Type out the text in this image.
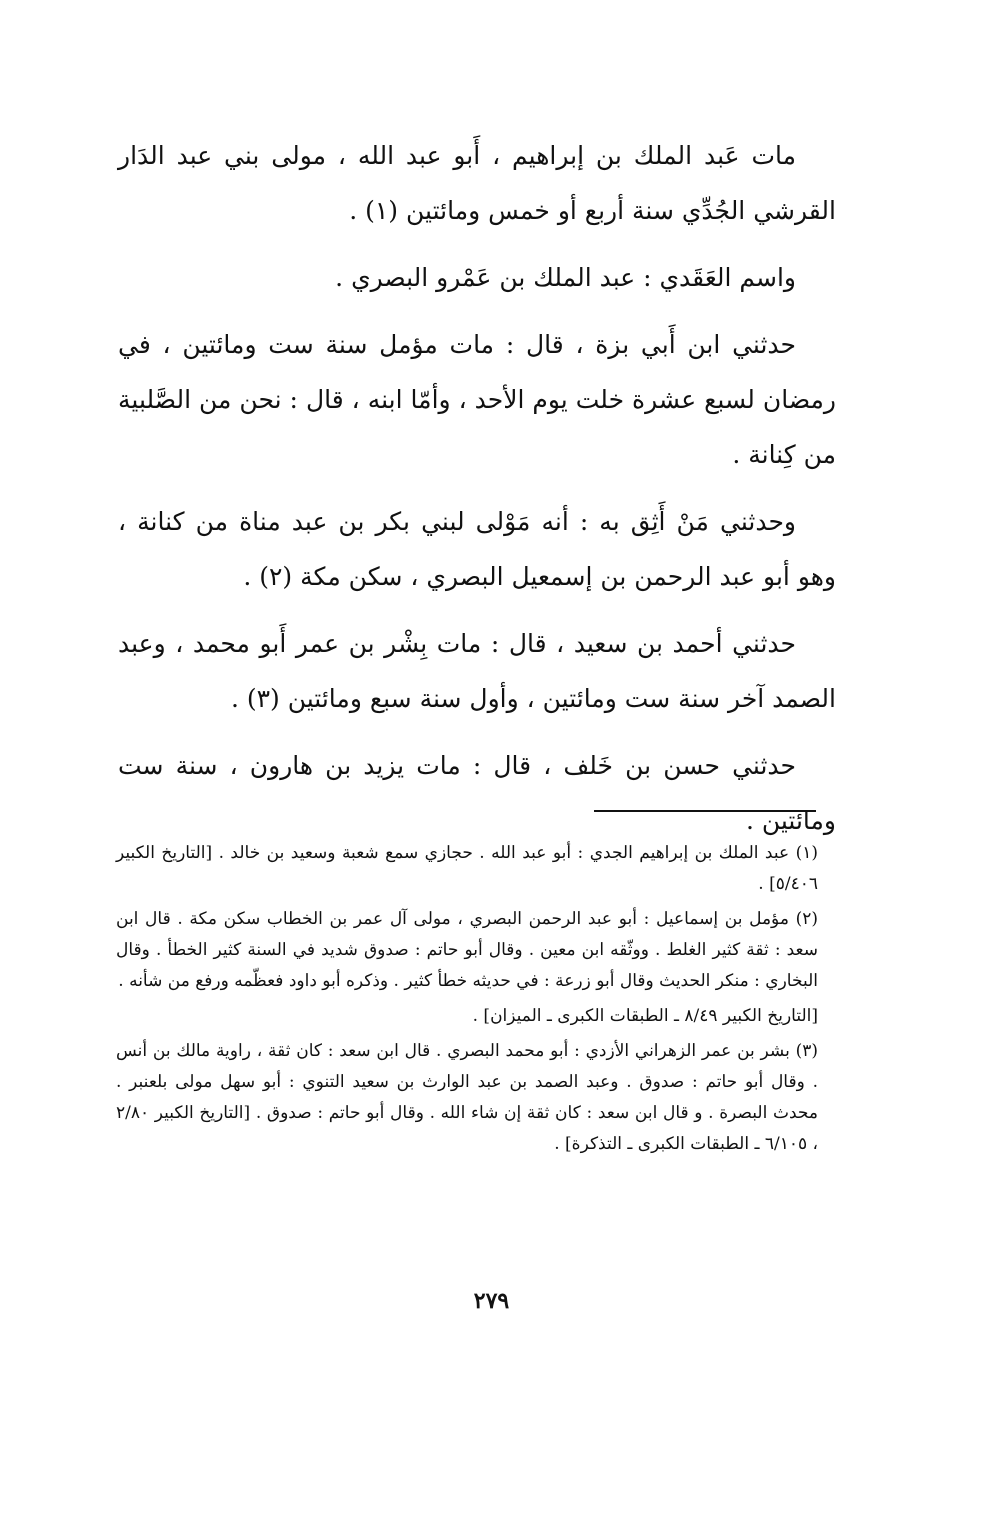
مات عَبد الملك بن إبراهيم ، أَبو عبد الله ، مولى بني عبد الدَار القرشي الجُدِّي سنة أربع أو خمس ومائتين (١) .

واسم العَقَدي : عبد الملك بن عَمْرو البصري .

حدثني ابن أَبي بزة ، قال : مات مؤمل سنة ست ومائتين ، في رمضان لسبع عشرة خلت يوم الأحد ، وأمّا ابنه ، قال : نحن من الصَّلبية من كِنانة .

وحدثني مَنْ أَثِق به : أنه مَوْلى لبني بكر بن عبد مناة من كنانة ، وهو أبو عبد الرحمن بن إسمعيل البصري ، سكن مكة (٢) .

حدثني أحمد بن سعيد ، قال : مات بِشْر بن عمر أَبو محمد ، وعبد الصمد آخر سنة ست ومائتين ، وأول سنة سبع ومائتين (٣) .

حدثني حسن بن خَلف ، قال : مات يزيد بن هارون ، سنة ست ومائتين .

(١) عبد الملك بن إبراهيم الجدي : أبو عبد الله . حجازي سمع شعبة وسعيد بن خالد . [التاريخ الكبير ٥/٤٠٦] .

(٢) مؤمل بن إسماعيل : أبو عبد الرحمن البصري ، مولى آل عمر بن الخطاب سكن مكة . قال ابن سعد : ثقة كثير الغلط . ووثّقه ابن معين . وقال أبو حاتم : صدوق شديد في السنة كثير الخطأ . وقال البخاري : منكر الحديث وقال أبو زرعة : في حديثه خطأ كثير . وذكره أبو داود فعظّمه ورفع من شأنه .

[التاريخ الكبير ٨/٤٩ ـ الطبقات الكبرى ـ الميزان] .

(٣) بشر بن عمر الزهراني الأزدي : أبو محمد البصري . قال ابن سعد : كان ثقة ، راوية مالك بن أنس . وقال أبو حاتم : صدوق . وعبد الصمد بن عبد الوارث بن سعيد التنوي : أبو سهل مولى بلعنبر . محدث البصرة . و قال ابن سعد : كان ثقة إن شاء الله . وقال أبو حاتم : صدوق . [التاريخ الكبير ٢/٨٠ ، ٦/١٠٥ ـ الطبقات الكبرى ـ التذكرة] .

٢٧٩
